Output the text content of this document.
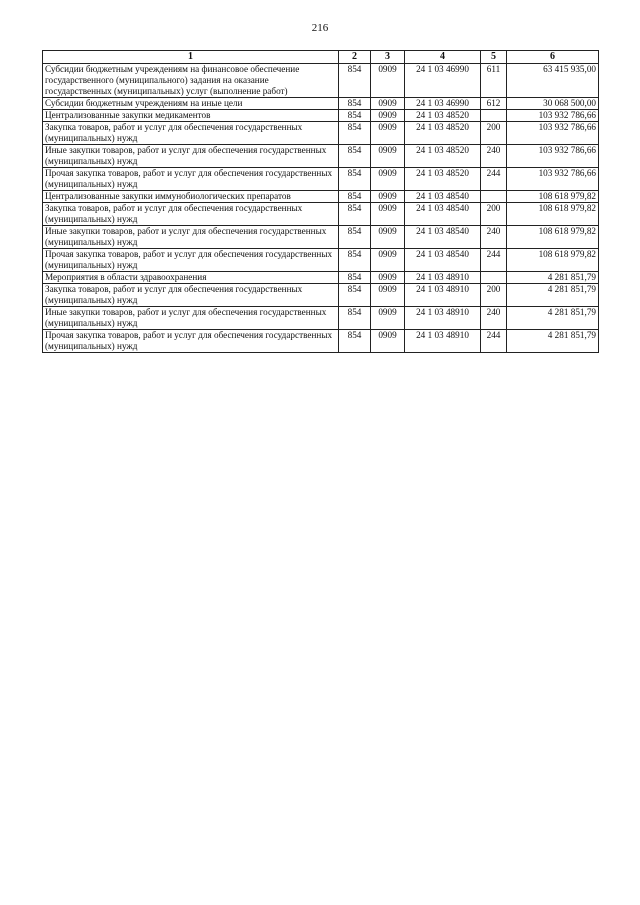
216
1	2	3	4	5	6
Субсидии бюджетным учреждениям на финансовое обеспечение государственного (муниципального) задания на оказание государственных (муниципальных) услуг (выполнение работ)	854	0909	24 1 03 46990	611	63 415 935,00
Субсидии бюджетным учреждениям на иные цели	854	0909	24 1 03 46990	612	30 068 500,00
Централизованные закупки медикаментов	854	0909	24 1 03 48520		103 932 786,66
Закупка товаров, работ и услуг для обеспечения государственных (муниципальных) нужд	854	0909	24 1 03 48520	200	103 932 786,66
Иные закупки товаров, работ и услуг для обеспечения государственных (муниципальных) нужд	854	0909	24 1 03 48520	240	103 932 786,66
Прочая закупка товаров, работ и услуг для обеспечения государственных (муниципальных) нужд	854	0909	24 1 03 48520	244	103 932 786,66
Централизованные закупки иммунобиологических препаратов	854	0909	24 1 03 48540		108 618 979,82
Закупка товаров, работ и услуг для обеспечения государственных (муниципальных) нужд	854	0909	24 1 03 48540	200	108 618 979,82
Иные закупки товаров, работ и услуг для обеспечения государственных (муниципальных) нужд	854	0909	24 1 03 48540	240	108 618 979,82
Прочая закупка товаров, работ и услуг для обеспечения государственных (муниципальных) нужд	854	0909	24 1 03 48540	244	108 618 979,82
Мероприятия в области здравоохранения	854	0909	24 1 03 48910		4 281 851,79
Закупка товаров, работ и услуг для обеспечения государственных (муниципальных) нужд	854	0909	24 1 03 48910	200	4 281 851,79
Иные закупки товаров, работ и услуг для обеспечения государственных (муниципальных) нужд	854	0909	24 1 03 48910	240	4 281 851,79
Прочая закупка товаров, работ и услуг для обеспечения государственных (муниципальных) нужд	854	0909	24 1 03 48910	244	4 281 851,79
